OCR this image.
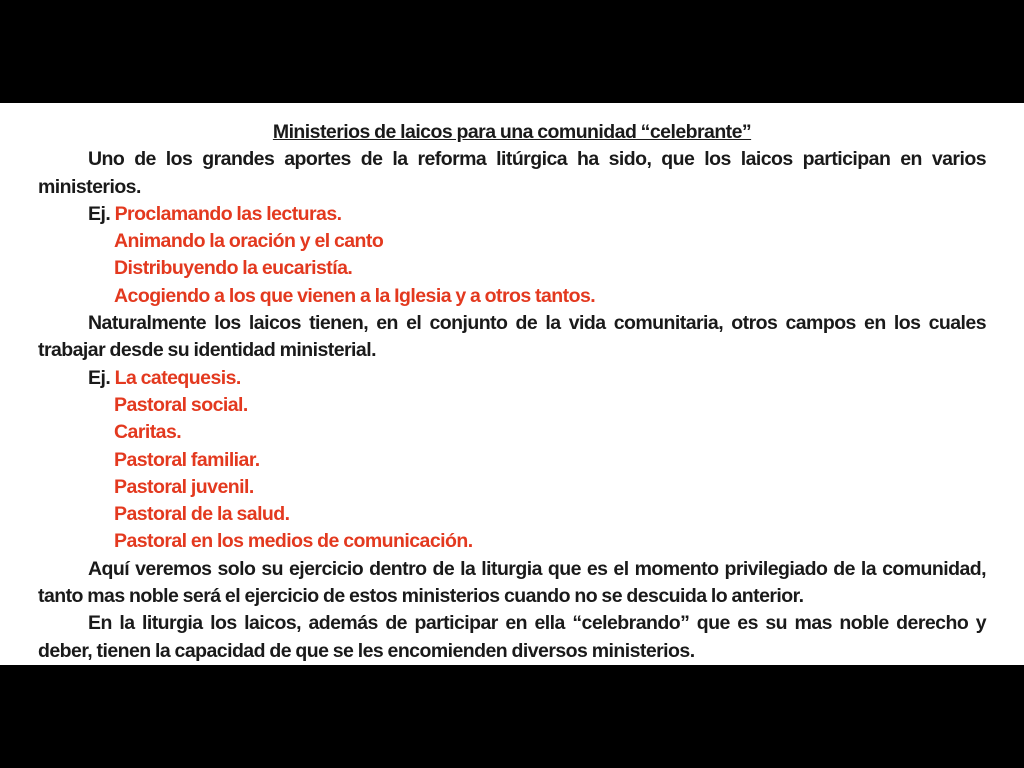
Ministerios de laicos para una comunidad “celebrante”

Uno de los grandes aportes de la reforma litúrgica ha sido, que los laicos participan en varios ministerios.

Ej. Proclamando las lecturas.

Animando la oración y el canto

Distribuyendo la eucaristía.

Acogiendo a los que vienen a la Iglesia y a otros tantos.

Naturalmente los laicos tienen, en el conjunto de la vida comunitaria, otros campos en los cuales trabajar desde su identidad ministerial.

Ej. La catequesis.

Pastoral social.

Caritas.

Pastoral familiar.

Pastoral juvenil.

Pastoral de la salud.

Pastoral en los medios de comunicación.

Aquí veremos solo su ejercicio dentro de la liturgia que es el momento privilegiado de la comunidad, tanto mas noble será el ejercicio de estos ministerios cuando no se descuida lo anterior.

En la liturgia los laicos, además de participar en ella “celebrando” que es su mas noble derecho y deber, tienen la capacidad de que se les encomienden diversos ministerios.
